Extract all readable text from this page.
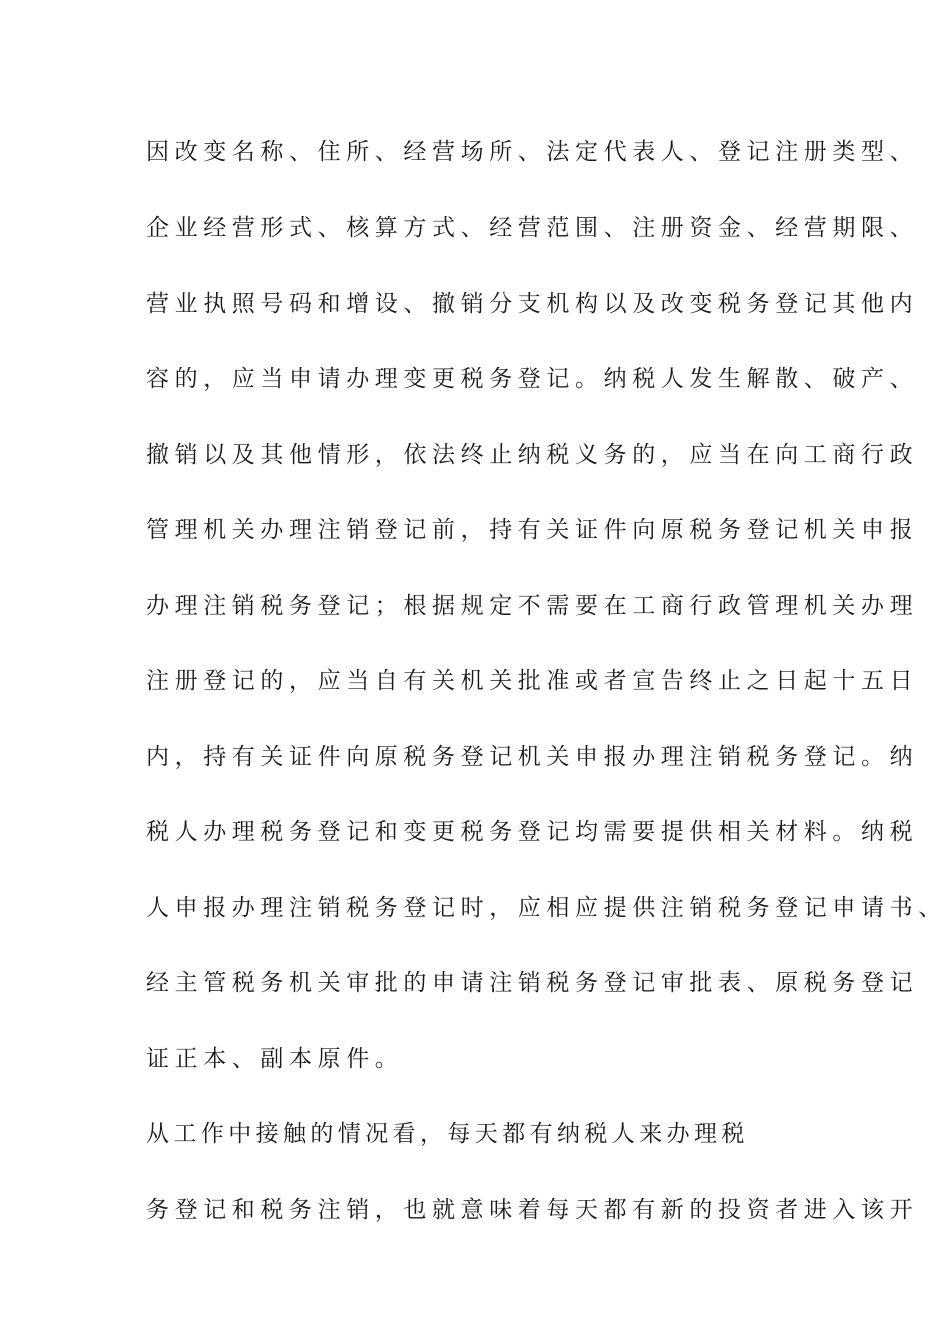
因改变名称、住所、经营场所、法定代表人、登记注册类型、
企业经营形式、核算方式、经营范围、注册资金、经营期限、
营业执照号码和增设、撤销分支机构以及改变税务登记其他内
容的，应当申请办理变更税务登记。纳税人发生解散、破产、
撤销以及其他情形，依法终止纳税义务的，应当在向工商行政
管理机关办理注销登记前，持有关证件向原税务登记机关申报
办理注销税务登记；根据规定不需要在工商行政管理机关办理
注册登记的，应当自有关机关批准或者宣告终止之日起十五日
内，持有关证件向原税务登记机关申报办理注销税务登记。纳
税人办理税务登记和变更税务登记均需要提供相关材料。纳税
人申报办理注销税务登记时，应相应提供注销税务登记申请书、
经主管税务机关审批的申请注销税务登记审批表、原税务登记
证正本、副本原件。
从工作中接触的情况看，每天都有纳税人来办理税
务登记和税务注销，也就意味着每天都有新的投资者进入该开
